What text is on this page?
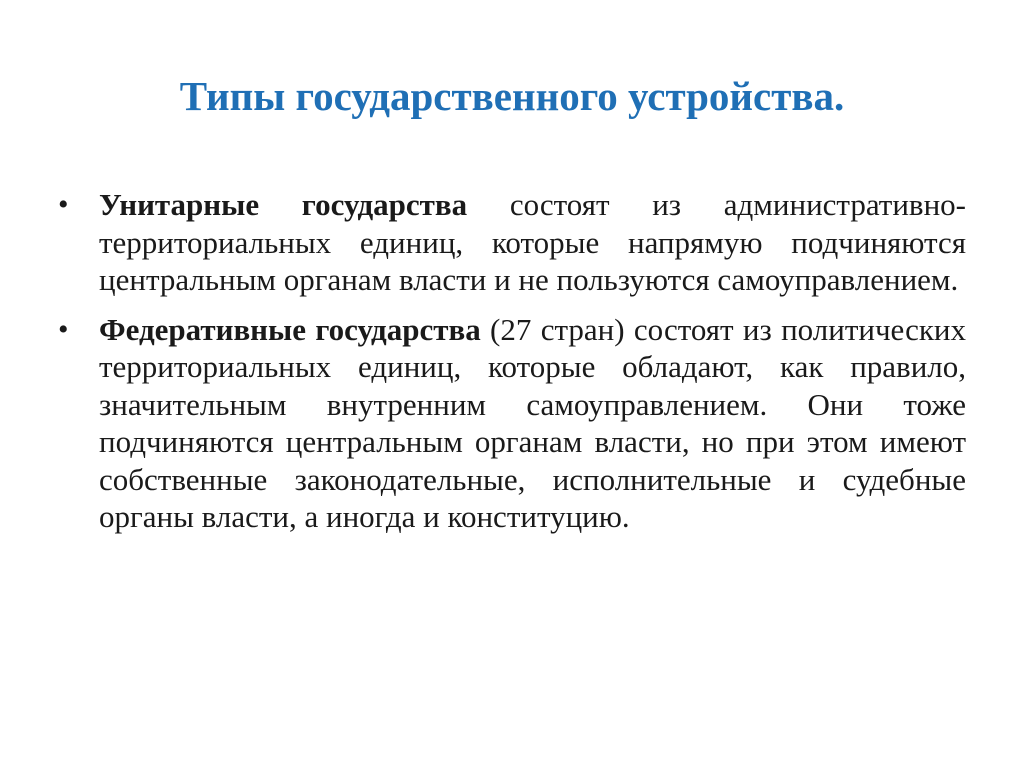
Типы государственного устройства.
• Унитарные государства состоят из административно- территориальных единиц, которые напрямую подчиняются центральным органам власти и не пользуются самоуправлением.

• Федеративные государства (27 стран) состоят из политических территориальных единиц, которые обладают, как правило, значительным внутренним самоуправлением. Они тоже подчиняются центральным органам власти, но при этом имеют собственные законодательные, исполнительные и судебные органы власти, а иногда и конституцию.
